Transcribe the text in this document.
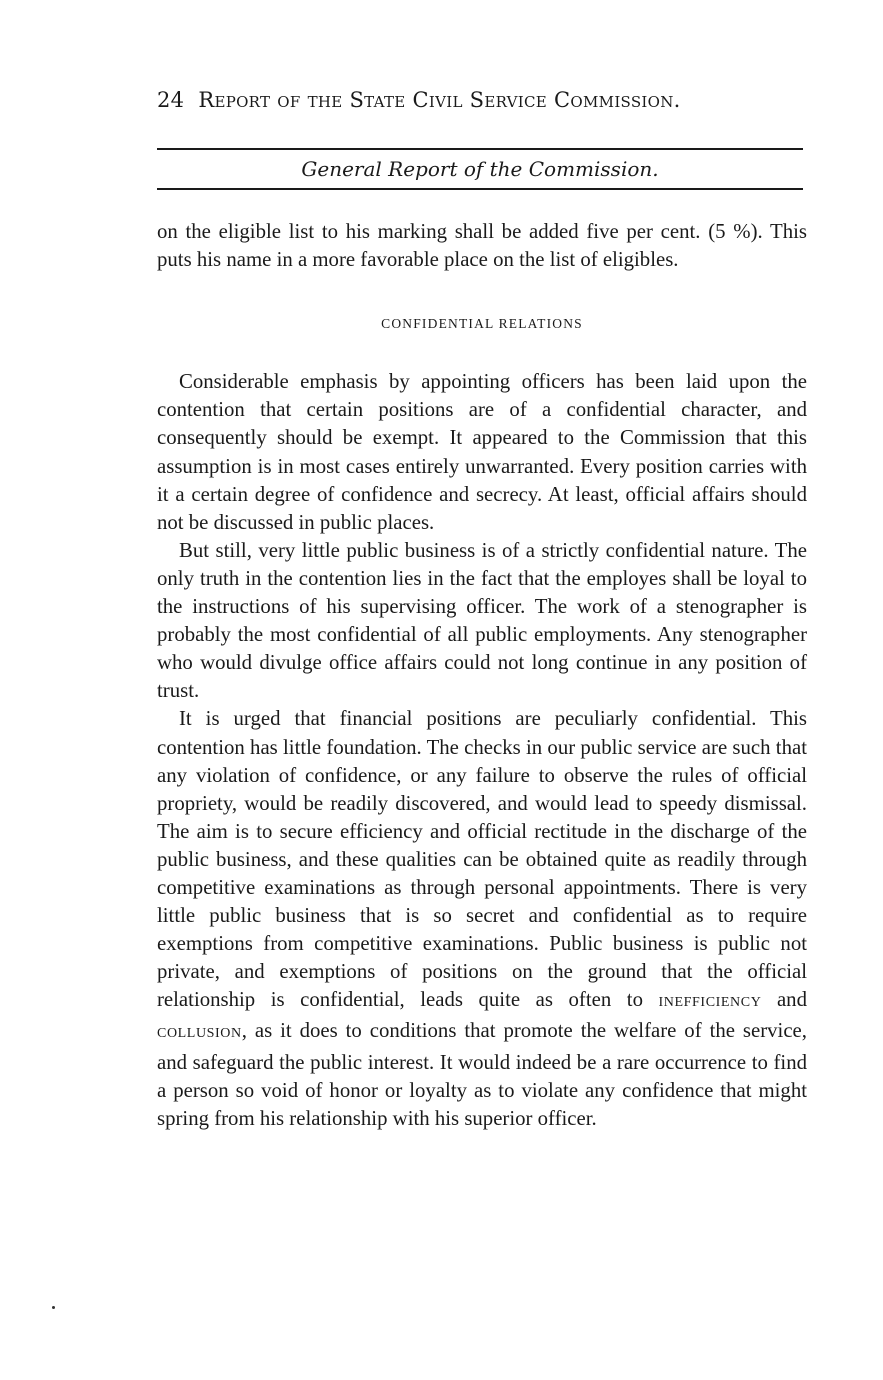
24 Report of the State Civil Service Commission.
General Report of the Commission.

on the eligible list to his marking shall be added five per cent. (5 %). This puts his name in a more favorable place on the list of eligibles.

CONFIDENTIAL RELATIONS

Considerable emphasis by appointing officers has been laid upon the contention that certain positions are of a confidential character, and consequently should be exempt. It appeared to the Commission that this assumption is in most cases entirely unwarranted. Every position carries with it a certain degree of confidence and secrecy. At least, official affairs should not be discussed in public places.

But still, very little public business is of a strictly confidential nature. The only truth in the contention lies in the fact that the employes shall be loyal to the instructions of his supervising officer. The work of a stenographer is probably the most confidential of all public employments. Any stenographer who would divulge office affairs could not long continue in any position of trust.

It is urged that financial positions are peculiarly confidential. This contention has little foundation. The checks in our public service are such that any violation of confidence, or any failure to observe the rules of official propriety, would be readily discovered, and would lead to speedy dismissal. The aim is to secure efficiency and official rectitude in the discharge of the public business, and these qualities can be obtained quite as readily through competitive examinations as through personal appointments. There is very little public business that is so secret and confidential as to require exemptions from competitive examinations. Public business is public not private, and exemptions of positions on the ground that the official relationship is confidential, leads quite as often to INEFFICIENCY and COLLUSION, as it does to conditions that promote the welfare of the service, and safeguard the public interest. It would indeed be a rare occurrence to find a person so void of honor or loyalty as to violate any confidence that might spring from his relationship with his superior officer.
